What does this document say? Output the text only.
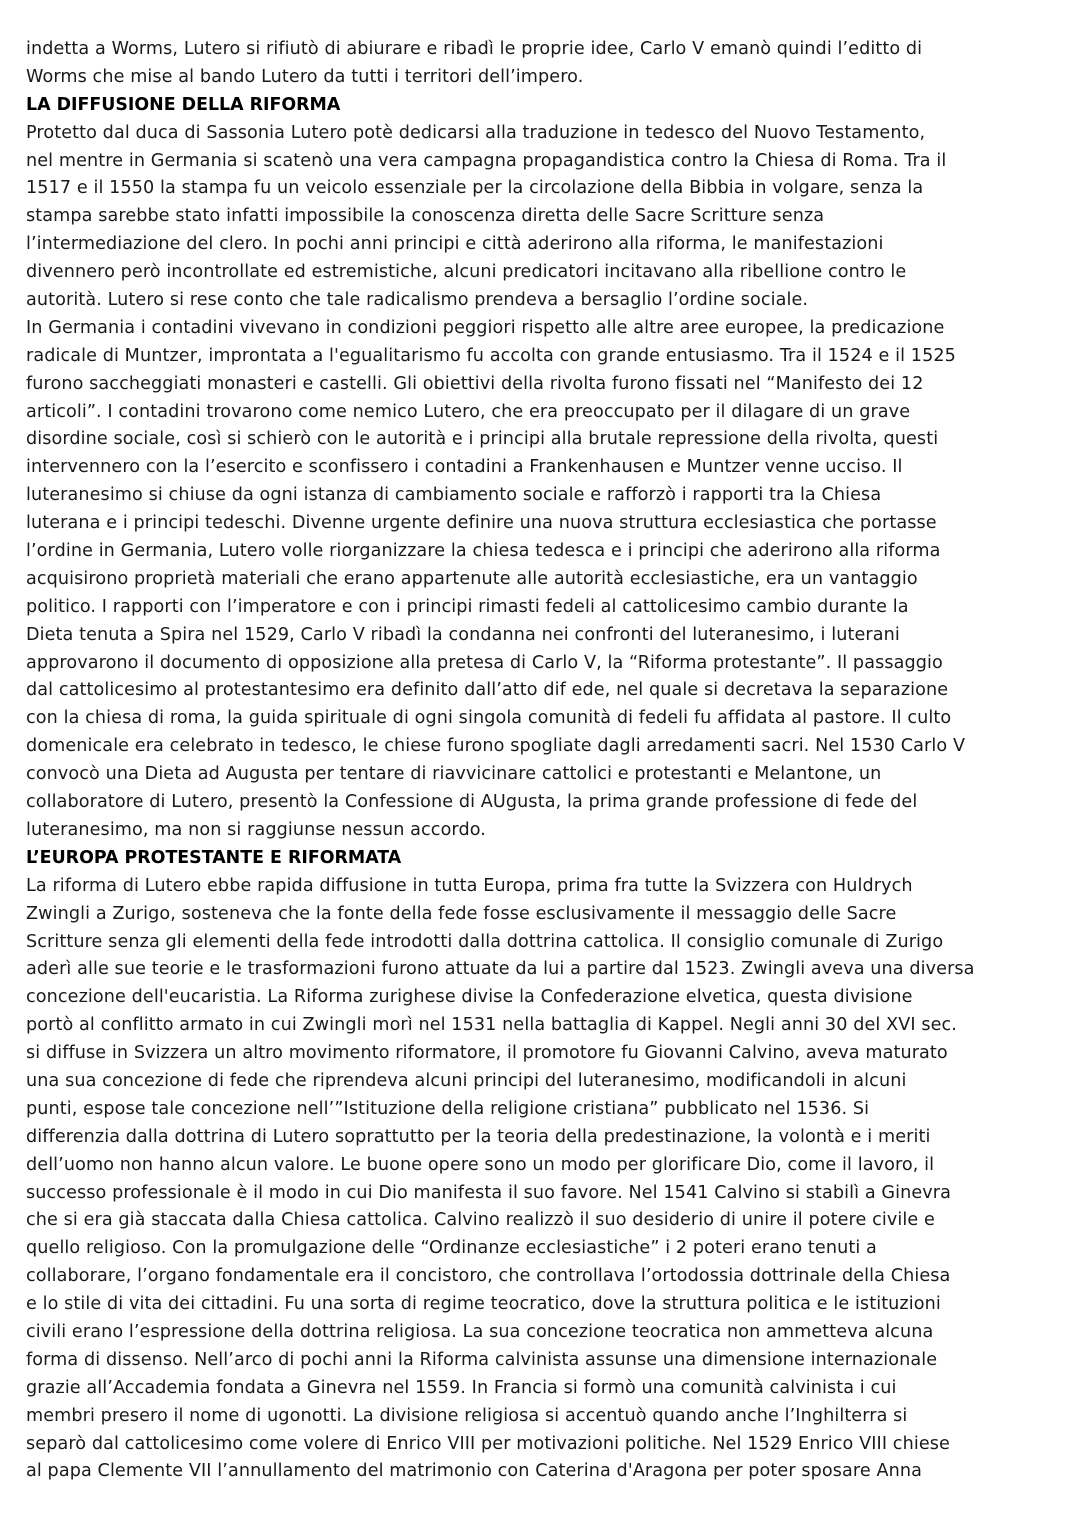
indetta a Worms, Lutero si rifiutò di abiurare e ribadì le proprie idee, Carlo V emanò quindi l’editto di
Worms che mise al bando Lutero da tutti i territori dell’impero.
LA DIFFUSIONE DELLA RIFORMA
Protetto dal duca di Sassonia Lutero potè dedicarsi alla traduzione in tedesco del Nuovo Testamento,
nel mentre in Germania si scatenò una vera campagna propagandistica contro la Chiesa di Roma. Tra il
1517 e il 1550 la stampa fu un veicolo essenziale per la circolazione della Bibbia in volgare, senza la
stampa sarebbe stato infatti impossibile la conoscenza diretta delle Sacre Scritture senza
l’intermediazione del clero. In pochi anni principi e città aderirono alla riforma, le manifestazioni
divennero però incontrollate ed estremistiche, alcuni predicatori incitavano alla ribellione contro le
autorità. Lutero si rese conto che tale radicalismo prendeva a bersaglio l’ordine sociale.
In Germania i contadini vivevano in condizioni peggiori rispetto alle altre aree europee, la predicazione
radicale di Muntzer, improntata a l'egualitarismo fu accolta con grande entusiasmo. Tra il 1524 e il 1525
furono saccheggiati monasteri e castelli. Gli obiettivi della rivolta furono fissati nel “Manifesto dei 12
articoli”. I contadini trovarono come nemico Lutero, che era preoccupato per il dilagare di un grave
disordine sociale, così si schierò con le autorità e i principi alla brutale repressione della rivolta, questi
intervennero con la l’esercito e sconfissero i contadini a Frankenhausen e Muntzer venne ucciso. Il
luteranesimo si chiuse da ogni istanza di cambiamento sociale e rafforzò i rapporti tra la Chiesa
luterana e i principi tedeschi. Divenne urgente definire una nuova struttura ecclesiastica che portasse
l’ordine in Germania, Lutero volle riorganizzare la chiesa tedesca e i principi che aderirono alla riforma
acquisirono proprietà materiali che erano appartenute alle autorità ecclesiastiche, era un vantaggio
politico. I rapporti con l’imperatore e con i principi rimasti fedeli al cattolicesimo cambio durante la
Dieta tenuta a Spira nel 1529, Carlo V ribadì la condanna nei confronti del luteranesimo, i luterani
approvarono il documento di opposizione alla pretesa di Carlo V, la “Riforma protestante”. Il passaggio
dal cattolicesimo al protestantesimo era definito dall’atto dif ede, nel quale si decretava la separazione
con la chiesa di roma, la guida spirituale di ogni singola comunità di fedeli fu affidata al pastore. Il culto
domenicale era celebrato in tedesco, le chiese furono spogliate dagli arredamenti sacri. Nel 1530 Carlo V
convocò una Dieta ad Augusta per tentare di riavvicinare cattolici e protestanti e Melantone, un
collaboratore di Lutero, presentò la Confessione di AUgusta, la prima grande professione di fede del
luteranesimo, ma non si raggiunse nessun accordo.
L’EUROPA PROTESTANTE E RIFORMATA
La riforma di Lutero ebbe rapida diffusione in tutta Europa, prima fra tutte la Svizzera con Huldrych
Zwingli a Zurigo, sosteneva che la fonte della fede fosse esclusivamente il messaggio delle Sacre
Scritture senza gli elementi della fede introdotti dalla dottrina cattolica. Il consiglio comunale di Zurigo
aderì alle sue teorie e le trasformazioni furono attuate da lui a partire dal 1523. Zwingli aveva una diversa
concezione dell'eucaristia. La Riforma zurighese divise la Confederazione elvetica, questa divisione
portò al conflitto armato in cui Zwingli morì nel 1531 nella battaglia di Kappel. Negli anni 30 del XVI sec.
si diffuse in Svizzera un altro movimento riformatore, il promotore fu Giovanni Calvino, aveva maturato
una sua concezione di fede che riprendeva alcuni principi del luteranesimo, modificandoli in alcuni
punti, espose tale concezione nell’”Istituzione della religione cristiana” pubblicato nel 1536. Si
differenzia dalla dottrina di Lutero soprattutto per la teoria della predestinazione, la volontà e i meriti
dell’uomo non hanno alcun valore. Le buone opere sono un modo per glorificare Dio, come il lavoro, il
successo professionale è il modo in cui Dio manifesta il suo favore. Nel 1541 Calvino si stabilì a Ginevra
che si era già staccata dalla Chiesa cattolica. Calvino realizzò il suo desiderio di unire il potere civile e
quello religioso. Con la promulgazione delle “Ordinanze ecclesiastiche” i 2 poteri erano tenuti a
collaborare, l’organo fondamentale era il concistoro, che controllava l’ortodossia dottrinale della Chiesa
e lo stile di vita dei cittadini. Fu una sorta di regime teocratico, dove la struttura politica e le istituzioni
civili erano l’espressione della dottrina religiosa. La sua concezione teocratica non ammetteva alcuna
forma di dissenso. Nell’arco di pochi anni la Riforma calvinista assunse una dimensione internazionale
grazie all’Accademia fondata a Ginevra nel 1559. In Francia si formò una comunità calvinista i cui
membri presero il nome di ugonotti. La divisione religiosa si accentuò quando anche l’Inghilterra si
separò dal cattolicesimo come volere di Enrico VIII per motivazioni politiche. Nel 1529 Enrico VIII chiese
al papa Clemente VII l’annullamento del matrimonio con Caterina d'Aragona per poter sposare Anna
